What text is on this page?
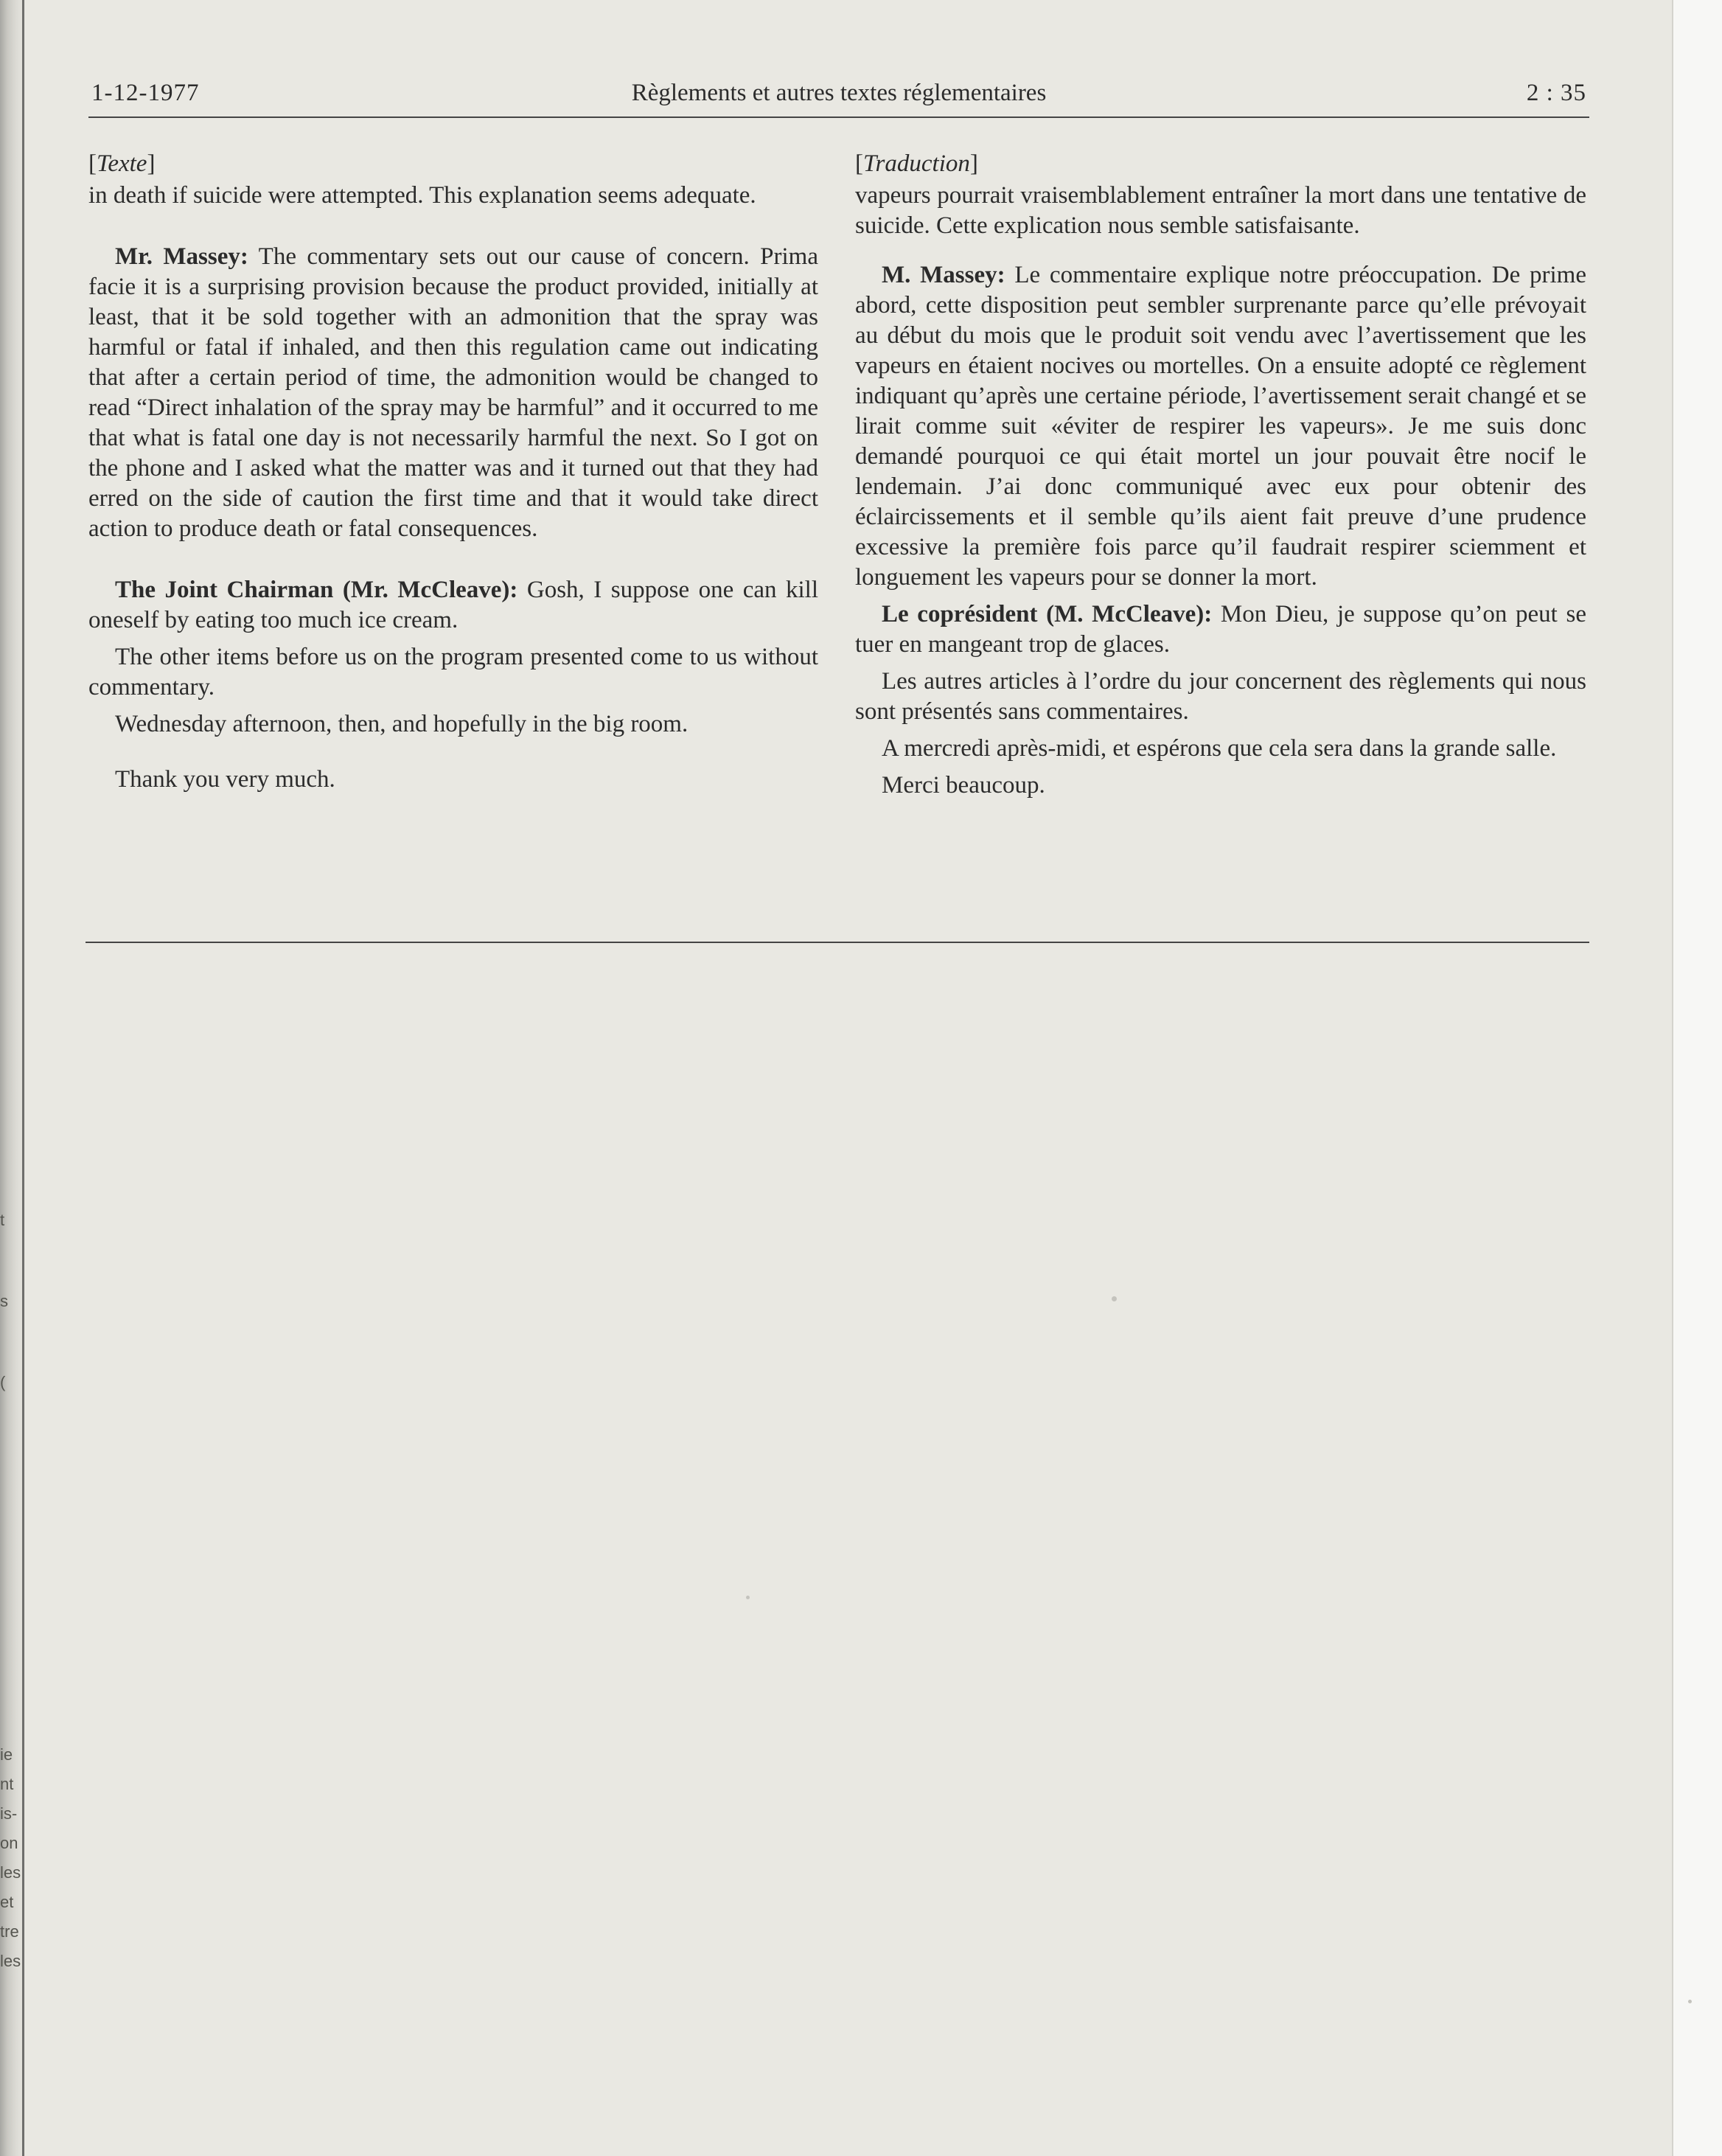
t
s
(
ie
nt
is-
on
les
et
tre
les
1-12-1977	Règlements et autres textes réglementaires	2 : 35

[Texte]

in death if suicide were attempted. This explanation seems adequate.

Mr. Massey: The commentary sets out our cause of concern. Prima facie it is a surprising provision because the product provided, initially at least, that it be sold together with an admonition that the spray was harmful or fatal if inhaled, and then this regulation came out indicating that after a certain period of time, the admonition would be changed to read “Direct inhalation of the spray may be harmful” and it occurred to me that what is fatal one day is not necessarily harmful the next. So I got on the phone and I asked what the matter was and it turned out that they had erred on the side of caution the first time and that it would take direct action to produce death or fatal consequences.

The Joint Chairman (Mr. McCleave): Gosh, I suppose one can kill oneself by eating too much ice cream.

The other items before us on the program presented come to us without commentary.

Wednesday afternoon, then, and hopefully in the big room.

Thank you very much.

[Traduction]

vapeurs pourrait vraisemblablement entraîner la mort dans une tentative de suicide. Cette explication nous semble satisfaisante.

M. Massey: Le commentaire explique notre préoccupation. De prime abord, cette disposition peut sembler surprenante parce qu’elle prévoyait au début du mois que le produit soit vendu avec l’avertissement que les vapeurs en étaient nocives ou mortelles. On a ensuite adopté ce règlement indiquant qu’après une certaine période, l’avertissement serait changé et se lirait comme suit «éviter de respirer les vapeurs». Je me suis donc demandé pourquoi ce qui était mortel un jour pouvait être nocif le lendemain. J’ai donc communiqué avec eux pour obtenir des éclaircissements et il semble qu’ils aient fait preuve d’une prudence excessive la première fois parce qu’il faudrait respirer sciemment et longuement les vapeurs pour se donner la mort.

Le coprésident (M. McCleave): Mon Dieu, je suppose qu’on peut se tuer en mangeant trop de glaces.

Les autres articles à l’ordre du jour concernent des règlements qui nous sont présentés sans commentaires.

A mercredi après-midi, et espérons que cela sera dans la grande salle.

Merci beaucoup.
